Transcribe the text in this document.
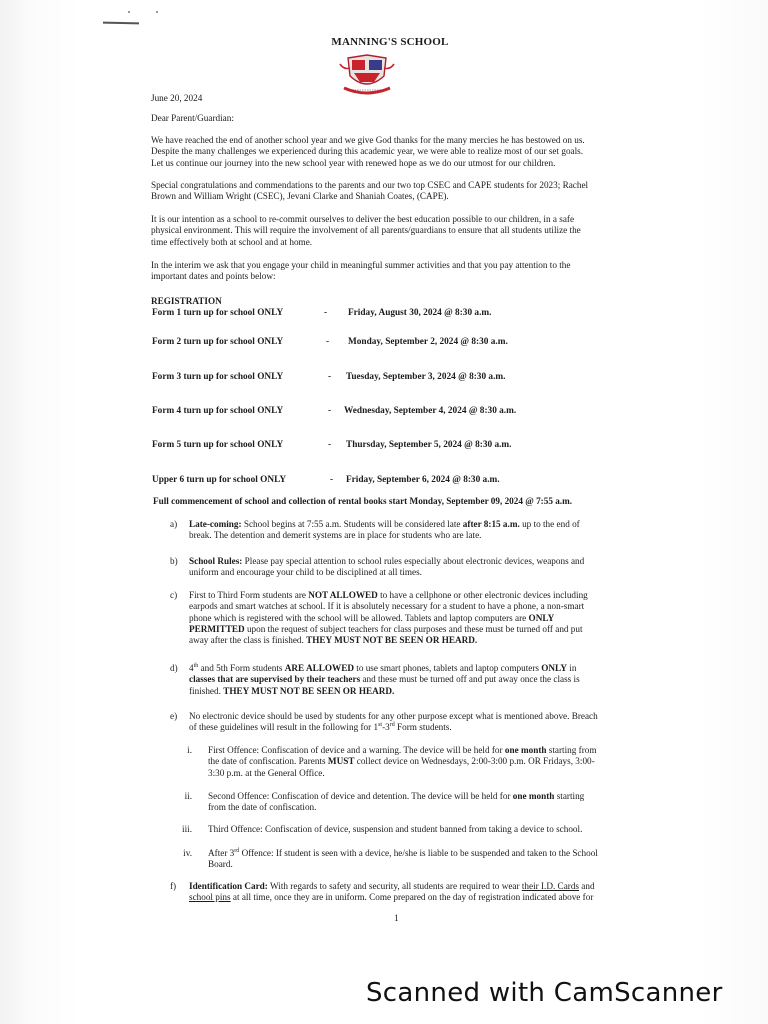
MANNING'S SCHOOL
June 20, 2024
Dear Parent/Guardian:
We have reached the end of another school year and we give God thanks for the many mercies he has bestowed on us.
Despite the many challenges we experienced during this academic year, we were able to realize most of our set goals.
Let us continue our journey into the new school year with renewed hope as we do our utmost for our children.
Special congratulations and commendations to the parents and our two top CSEC and CAPE students for 2023; Rachel
Brown and William Wright (CSEC), Jevani Clarke and Shaniah Coates, (CAPE).
It is our intention as a school to re-commit ourselves to deliver the best education possible to our children, in a safe
physical environment. This will require the involvement of all parents/guardians to ensure that all students utilize the
time effectively both at school and at home.
In the interim we ask that you engage your child in meaningful summer activities and that you pay attention to the
important dates and points below:
REGISTRATION
Form 1 turn up for school ONLY	- Friday, August 30, 2024 @ 8:30 a.m.
Form 2 turn up for school ONLY	- Monday, September 2, 2024 @ 8:30 a.m.
Form 3 turn up for school ONLY	- Tuesday, September 3, 2024 @ 8:30 a.m.
Form 4 turn up for school ONLY	- Wednesday, September 4, 2024 @ 8:30 a.m.
Form 5 turn up for school ONLY	- Thursday, September 5, 2024 @ 8:30 a.m.
Upper 6 turn up for school ONLY	- Friday, September 6, 2024 @ 8:30 a.m.
Full commencement of school and collection of rental books start Monday, September 09, 2024 @ 7:55 a.m.
a) Late-coming: School begins at 7:55 a.m. Students will be considered late after 8:15 a.m. up to the end of
break. The detention and demerit systems are in place for students who are late.
b) School Rules: Please pay special attention to school rules especially about electronic devices, weapons and
uniform and encourage your child to be disciplined at all times.
c) First to Third Form students are NOT ALLOWED to have a cellphone or other electronic devices including
earpods and smart watches at school. If it is absolutely necessary for a student to have a phone, a non-smart
phone which is registered with the school will be allowed. Tablets and laptop computers are ONLY
PERMITTED upon the request of subject teachers for class purposes and these must be turned off and put
away after the class is finished. THEY MUST NOT BE SEEN OR HEARD.
d) 4th and 5th Form students ARE ALLOWED to use smart phones, tablets and laptop computers ONLY in
classes that are supervised by their teachers and these must be turned off and put away once the class is
finished. THEY MUST NOT BE SEEN OR HEARD.
e) No electronic device should be used by students for any other purpose except what is mentioned above. Breach
of these guidelines will result in the following for 1st-3rd Form students.
i. First Offence: Confiscation of device and a warning. The device will be held for one month starting from
the date of confiscation. Parents MUST collect device on Wednesdays, 2:00-3:00 p.m. OR Fridays, 3:00-
3:30 p.m. at the General Office.
ii. Second Offence: Confiscation of device and detention. The device will be held for one month starting
from the date of confiscation.
iii. Third Offence: Confiscation of device, suspension and student banned from taking a device to school.
iv. After 3rd Offence: If student is seen with a device, he/she is liable to be suspended and taken to the School
Board.
f) Identification Card: With regards to safety and security, all students are required to wear their I.D. Cards and
school pins at all time, once they are in uniform. Come prepared on the day of registration indicated above for
1
Scanned with CamScanner
